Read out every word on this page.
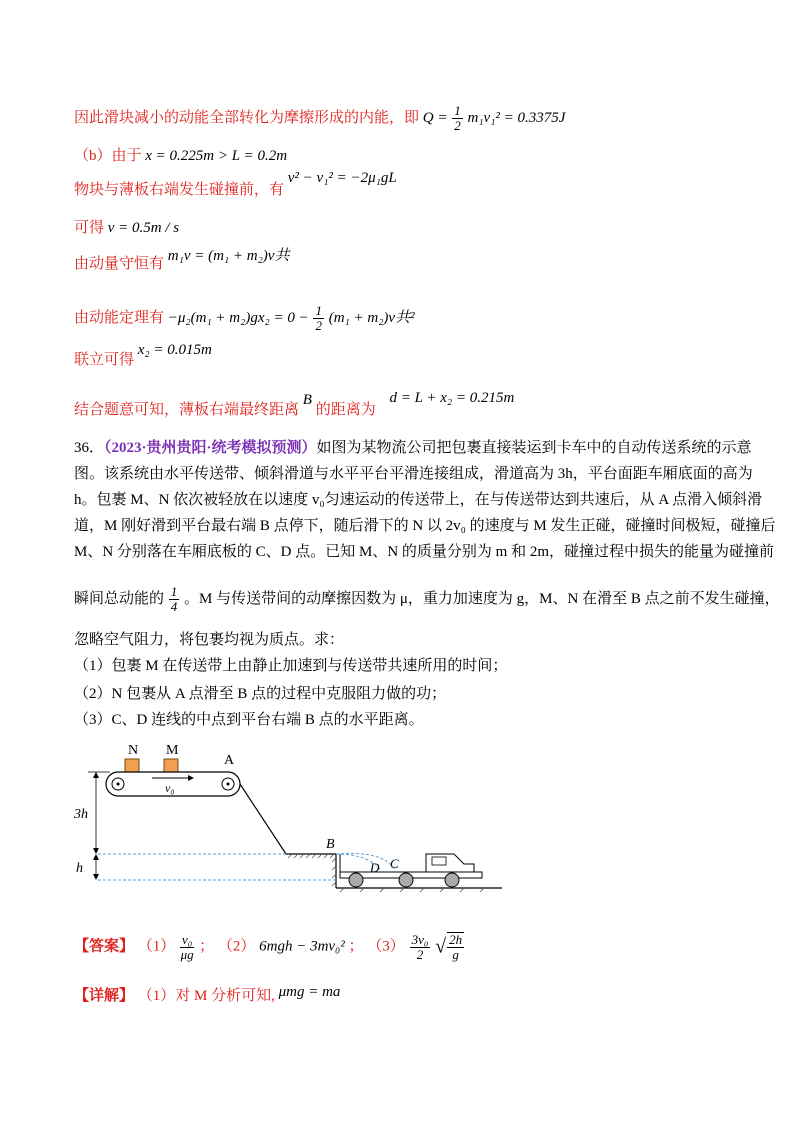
因此滑块减小的动能全部转化为摩擦形成的内能，即 $Q = \frac{1}{2} m_1v_1^2 = 0.3375J$
（b）由于 x = 0.225m > L = 0.2m
物块与薄板右端发生碰撞前，有 v² − v₁² = −2μ₁gL
可得 v = 0.5m / s
由动量守恒有 m₁v = (m₁ + m₂)v共
由动能定理有 $-\mu_2(m_1 + m_2)gx_2 = 0 - \frac{1}{2} (m_1 + m_2)v$共²
联立可得 x₂ = 0.015m
结合题意可知，薄板右端最终距离 B 的距离为 d = L + x₂ = 0.215m
36．（2023·贵州贵阳·统考模拟预测）如图为某物流公司把包裹直接装运到卡车中的自动传送系统的示意
图。该系统由水平传送带、倾斜滑道与水平平台平滑连接组成，滑道高为 3h，平台面距车厢底面的高为
h。包裹 M、N 依次被轻放在以速度 v₀匀速运动的传送带上，在与传送带达到共速后，从 A 点滑入倾斜滑
道，M 刚好滑到平台最右端 B 点停下，随后滑下的 N 以 2v₀ 的速度与 M 发生正碰，碰撞时间极短，碰撞后
M、N 分别落在车厢底板的 C、D 点。已知 M、N 的质量分别为 m 和 2m，碰撞过程中损失的能量为碰撞前
瞬间总动能的 $\frac{1}{4}$ 。M 与传送带间的动摩擦因数为 μ，重力加速度为 g，M、N 在滑至 B 点之前不发生碰撞，
忽略空气阻力，将包裹均视为质点。求：
（1）包裹 M 在传送带上由静止加速到与传送带共速所用的时间；
（2）N 包裹从 A 点滑至 B 点的过程中克服阻力做的功；
（3）C、D 连线的中点到平台右端 B 点的水平距离。
N M
A
v₀
B
D C
3h
h
【答案】 $(1) \frac{\text{v₀}}{\mu g}$ ； （2） 6mgh − 3mv₀² ； $(3) \frac{\text{3v₀}}{2}$ √ $\frac{2h}{g}$
【详解】 （1）对 M 分析可知, μmg = ma
